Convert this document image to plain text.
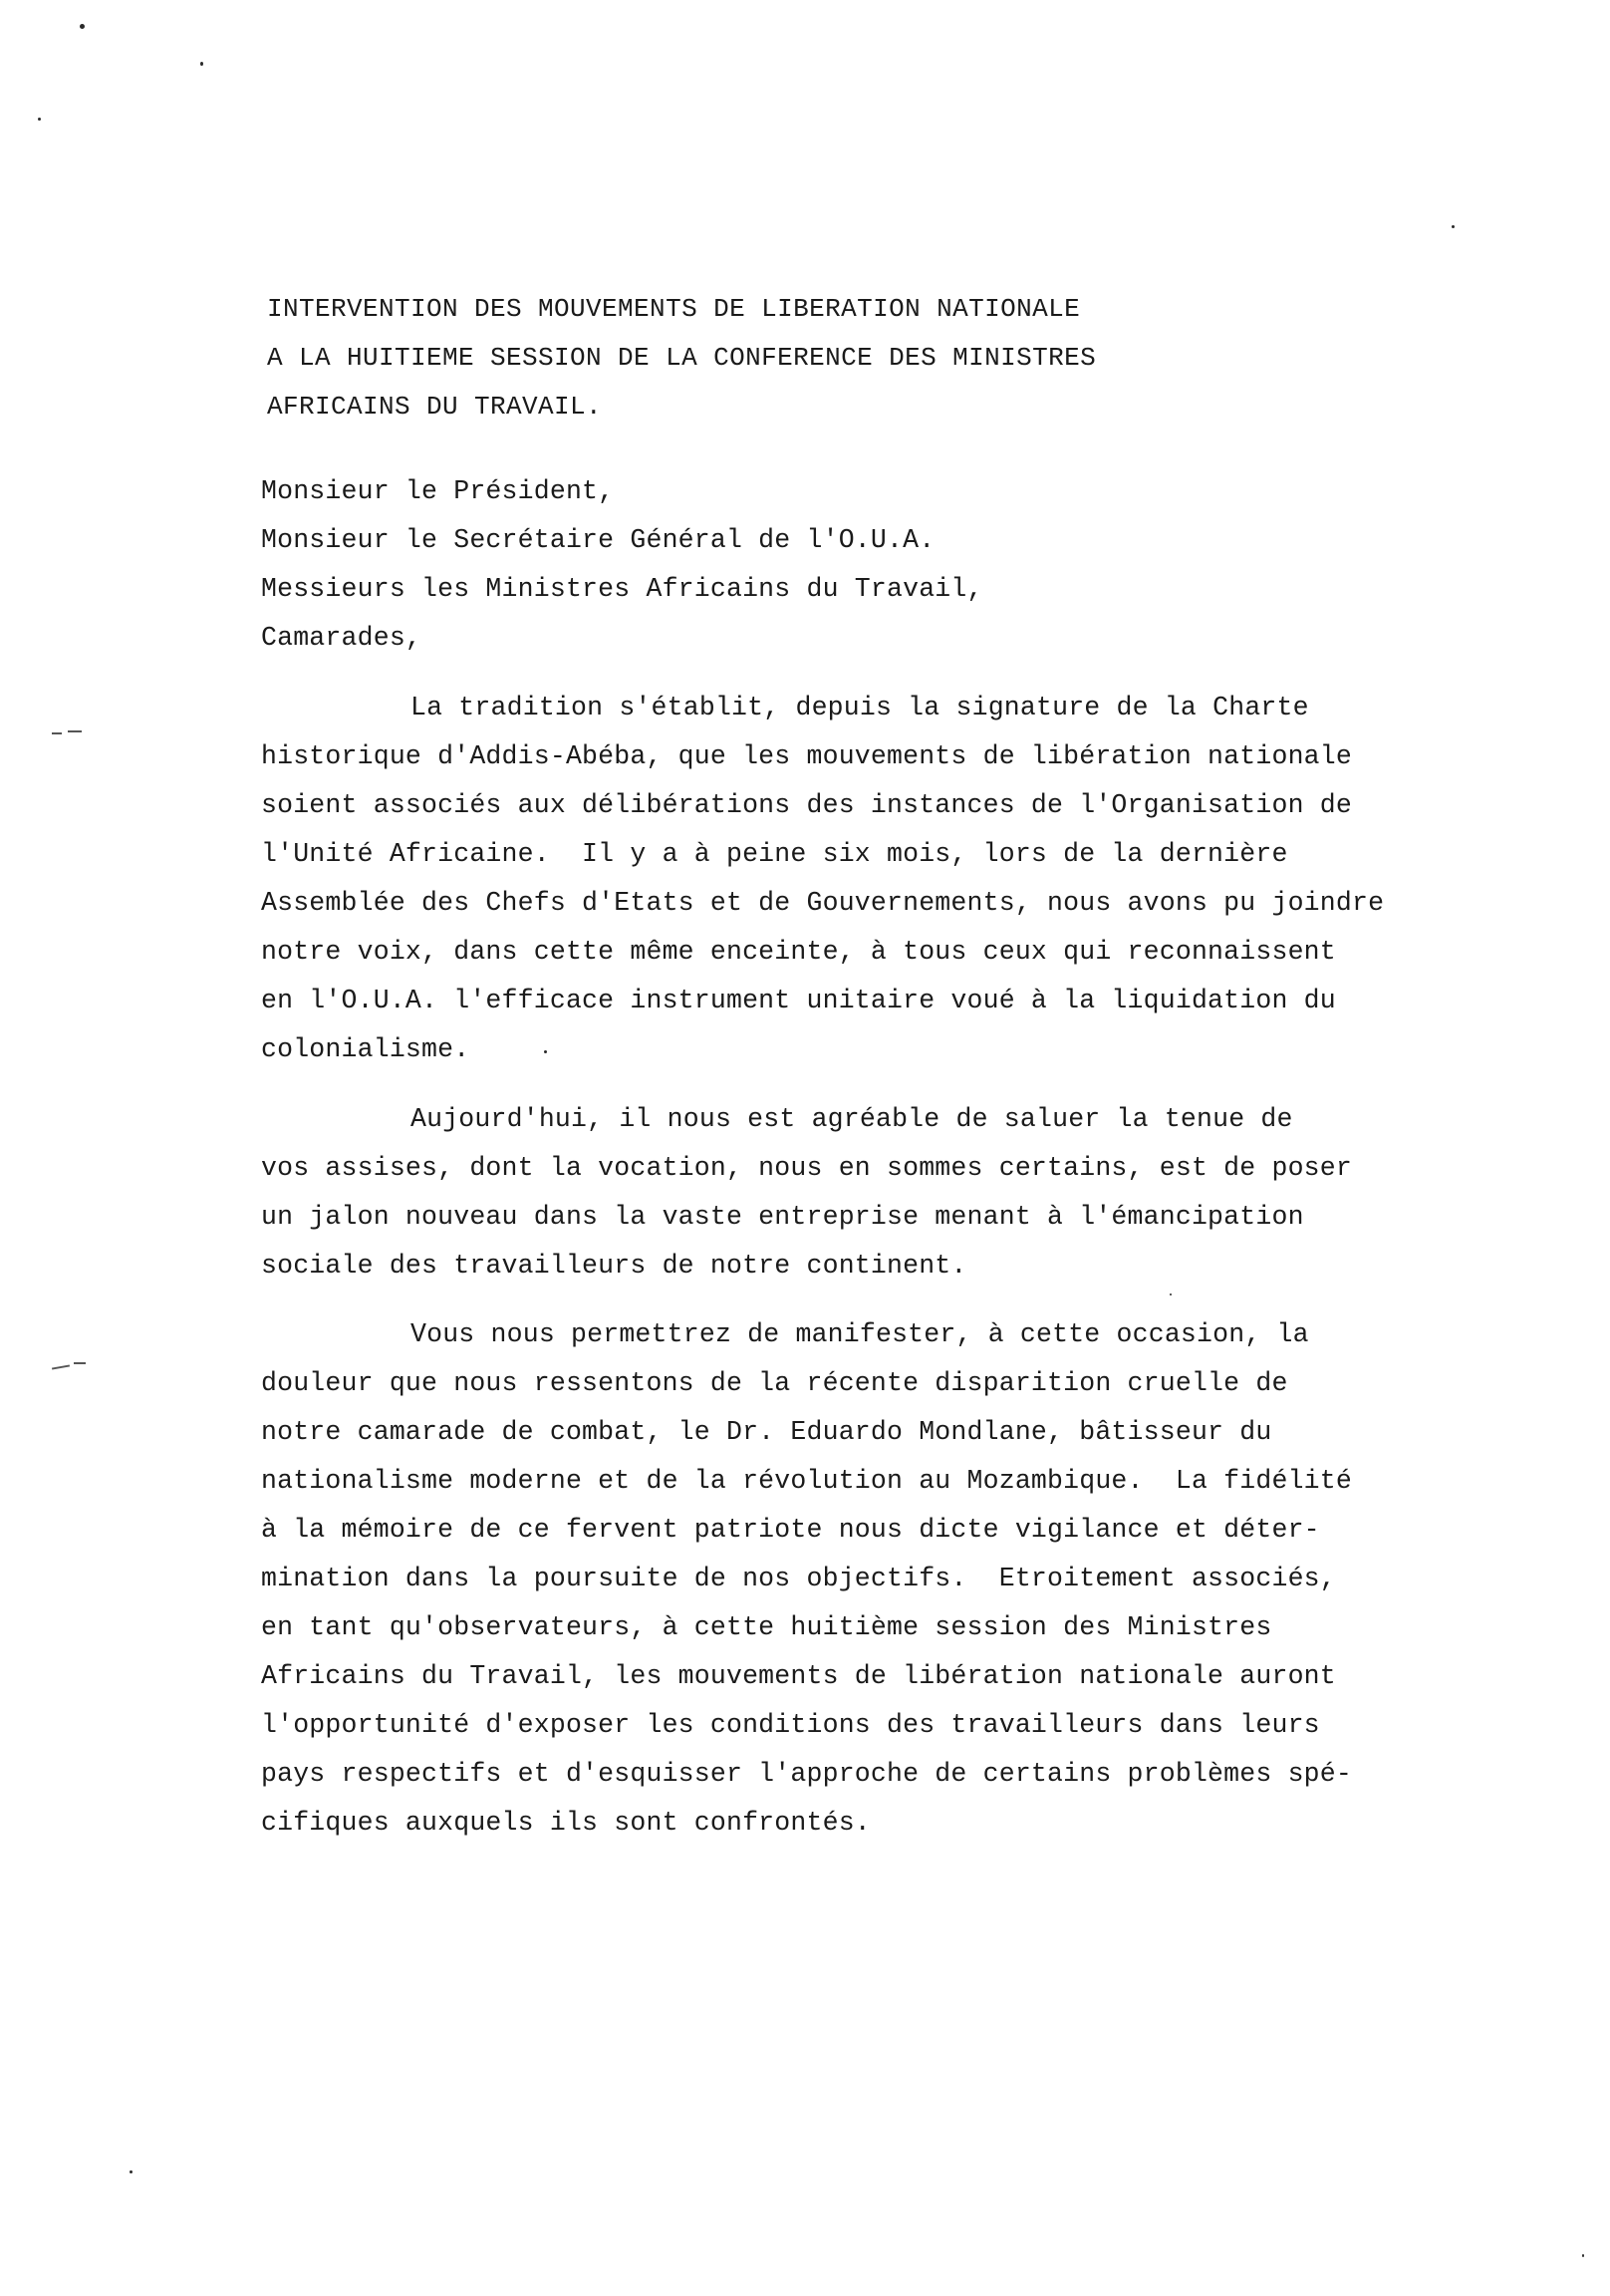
INTERVENTION DES MOUVEMENTS DE LIBERATION NATIONALE
A LA HUITIEME SESSION DE LA CONFERENCE DES MINISTRES
AFRICAINS DU TRAVAIL.
Monsieur le Président,
Monsieur le Secrétaire Général de l'O.U.A.
Messieurs les Ministres Africains du Travail,
Camarades,
La tradition s'établit, depuis la signature de la Charte
historique d'Addis-Abéba, que les mouvements de libération nationale
soient associés aux délibérations des instances de l'Organisation de
l'Unité Africaine.  Il y a à peine six mois, lors de la dernière
Assemblée des Chefs d'Etats et de Gouvernements, nous avons pu joindre
notre voix, dans cette même enceinte, à tous ceux qui reconnaissent
en l'O.U.A. l'efficace instrument unitaire voué à la liquidation du
colonialisme.
Aujourd'hui, il nous est agréable de saluer la tenue de
vos assises, dont la vocation, nous en sommes certains, est de poser
un jalon nouveau dans la vaste entreprise menant à l'émancipation
sociale des travailleurs de notre continent.
Vous nous permettrez de manifester, à cette occasion, la
douleur que nous ressentons de la récente disparition cruelle de
notre camarade de combat, le Dr. Eduardo Mondlane, bâtisseur du
nationalisme moderne et de la révolution au Mozambique.  La fidélité
à la mémoire de ce fervent patriote nous dicte vigilance et déter-
mination dans la poursuite de nos objectifs.  Etroitement associés,
en tant qu'observateurs, à cette huitième session des Ministres
Africains du Travail, les mouvements de libération nationale auront
l'opportunité d'exposer les conditions des travailleurs dans leurs
pays respectifs et d'esquisser l'approche de certains problèmes spé-
cifiques auxquels ils sont confrontés.
